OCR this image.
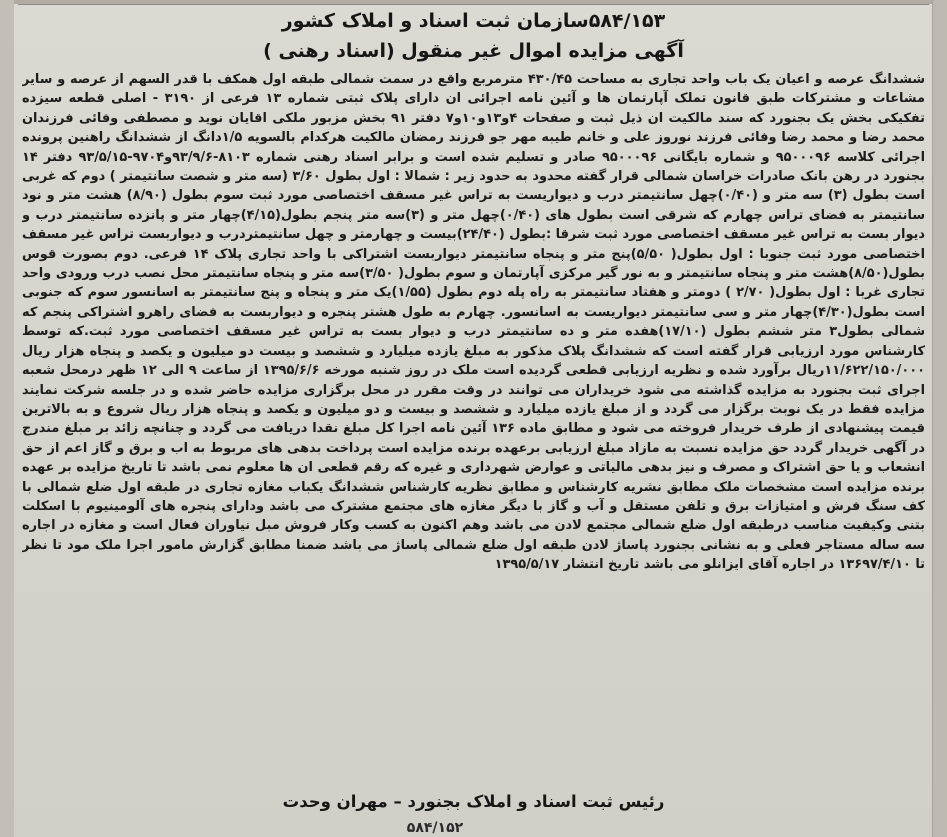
۵۸۴/۱۵۳سازمان ثبت اسناد و املاک کشور
آگهی مزایده اموال غیر منقول (اسناد رهنی )
ششدانگ عرصه و اعیان یک باب واحد تجاری به مساحت ۴۳۰/۴۵ مترمربع واقع در سمت شمالی طبقه اول همکف با قدر السهم از عرصه و سایر مشاعات و مشترکات طبق قانون تملک آپارتمان ها و آئین نامه اجرائی ان دارای پلاک ثبتی شماره ۱۳ فرعی از ۳۱۹۰ - اصلی قطعه سیزده تفکیکی بخش یک بجنورد که سند مالکیت ان ذیل ثبت و صفحات ۴و۱۳و۱۰و۷ دفتر ۹۱ بخش مزبور ملکی اقایان نوید و مصطفی وفائی فرزندان محمد رضا و محمد رضا وفائی فرزند نوروز علی و خانم طیبه مهر جو فرزند رمضان مالکیت هرکدام بالسویه ۱/۵دانگ از ششدانگ راهنین پرونده اجرائی کلاسه ۹۵۰۰۰۹۶ و شماره بایگانی ۹۵۰۰۰۹۶ صادر و تسلیم شده است و برابر اسناد رهنی شماره ۸۱۰۳-۹۳/۹/۶و۹۷۰۴-۹۳/۵/۱۵ دفتر ۱۴ بجنورد در رهن بانک صادرات خراسان شمالی قرار گفته محدود به حدود زیر : شمالا : اول بطول ۳/۶۰ (سه متر و شصت سانتیمتر ) دوم که غربی است بطول (۳) سه متر و (۰/۴۰)چهل سانتیمتر درب و دیواریست به تراس غیر مسقف اختصاصی مورد ثبت سوم بطول (۸/۹۰) هشت متر و نود سانتیمتر به فضای تراس چهارم که شرقی است بطول های (۰/۴۰)چهل متر و (۳)سه متر پنجم بطول(۴/۱۵)چهار متر و پانزده سانتیمتر درب و دیوار بست به تراس غیر مسقف اختصاصی مورد ثبت شرقا :بطول (۲۴/۴۰)بیست و چهارمتر و چهل سانتیمتردرب و دیواربست تراس غیر مسقف اختصاصی مورد ثبت جنوبا : اول بطول( ۵/۵۰)پنج متر و پنجاه سانتیمتر دیواربست اشتراکی با واحد تجاری پلاک ۱۴ فرعی. دوم بصورت قوس بطول(۸/۵۰)هشت متر و پنجاه سانتیمتر و به نور گیر مرکزی آپارتمان و سوم بطول( ۳/۵۰)سه متر و پنجاه سانتیمتر محل نصب درب ورودی واحد تجاری غربا : اول بطول( ۲/۷۰ ) دومتر و هفتاد سانتیمتر به راه پله دوم بطول (۱/۵۵)یک متر و پنجاه و پنج سانتیمتر به اسانسور سوم که جنوبی است بطول(۴/۳۰)چهار متر و سی سانتیمتر دیواریست به اسانسور. چهارم به طول هشتر پنجره و دیواربست به فضای راهرو اشتراکی پنجم که شمالی بطول۳ متر ششم بطول (۱۷/۱۰)هفده متر و ده سانتیمتر درب و دیوار بست به تراس غیر مسقف اختصاصی مورد ثبت.که توسط کارشناس مورد ارزیابی قرار گفته است که ششدانگ پلاک مذکور به مبلغ یازده میلیارد و ششصد و بیست دو میلیون و یکصد و پنجاه هزار ریال ۱۱/۶۲۲/۱۵۰/۰۰۰ریال برآورد شده و نظریه ارزیابی قطعی گردیده است ملک در روز شنبه مورخه ۱۳۹۵/۶/۶ از ساعت ۹ الی ۱۲ ظهر درمحل شعبه اجرای ثبت بجنورد به مزایده گذاشته می شود خریداران می توانند در وقت مقرر در محل برگزاری مزایده حاضر شده و در جلسه شرکت نمایند مزایده فقط در یک نوبت برگزار می گردد و از مبلغ یازده میلیارد و ششصد و بیست و دو میلیون و یکصد و پنجاه هزار ریال شروع و به بالاترین قیمت پیشنهادی از طرف خریدار فروخته می شود و مطابق ماده ۱۳۶ آئین نامه اجرا کل مبلغ نقدا دریافت می گردد و چنانچه زائد بر مبلغ مندرج در آگهی خریدار گردد حق مزایده نسبت به مازاد مبلغ ارزیابی برعهده برنده مزایده است پرداخت بدهی های مربوط به اب و برق و گاز اعم از حق انشعاب و یا حق اشتراک و مصرف و نیز بدهی مالیاتی و عوارض شهرداری و غیره که رقم قطعی ان ها معلوم نمی باشد تا تاریخ مزایده بر عهده برنده مزایده است مشخصات ملک مطابق نشریه کارشناس و مطابق نظریه کارشناس ششدانگ یکباب مغازه تجاری در طبقه اول ضلع شمالی با کف سنگ فرش و امتیازات برق و تلفن مستقل و آب و گاز با دیگر مغازه های مجتمع مشترک می باشد ودارای پنجره های آلومینیوم با اسکلت بتنی وکیفیت مناسب درطبقه اول ضلع شمالی مجتمع لادن می باشد وهم اکنون به کسب وکار فروش مبل نیاوران فعال است و مغازه در اجاره سه ساله مستاجر فعلی و به نشانی بجنورد پاساژ لادن طبقه اول ضلع شمالی پاساژ می باشد ضمنا مطابق گزارش مامور اجرا ملک مود تا نظر تا ۱۳۶۹۷/۴/۱۰ در اجاره آقای ایزانلو می باشد تاریخ انتشار ۱۳۹۵/۵/۱۷
رئیس ثبت اسناد و املاک بجنورد – مهران وحدت
۵۸۴/۱۵۲
